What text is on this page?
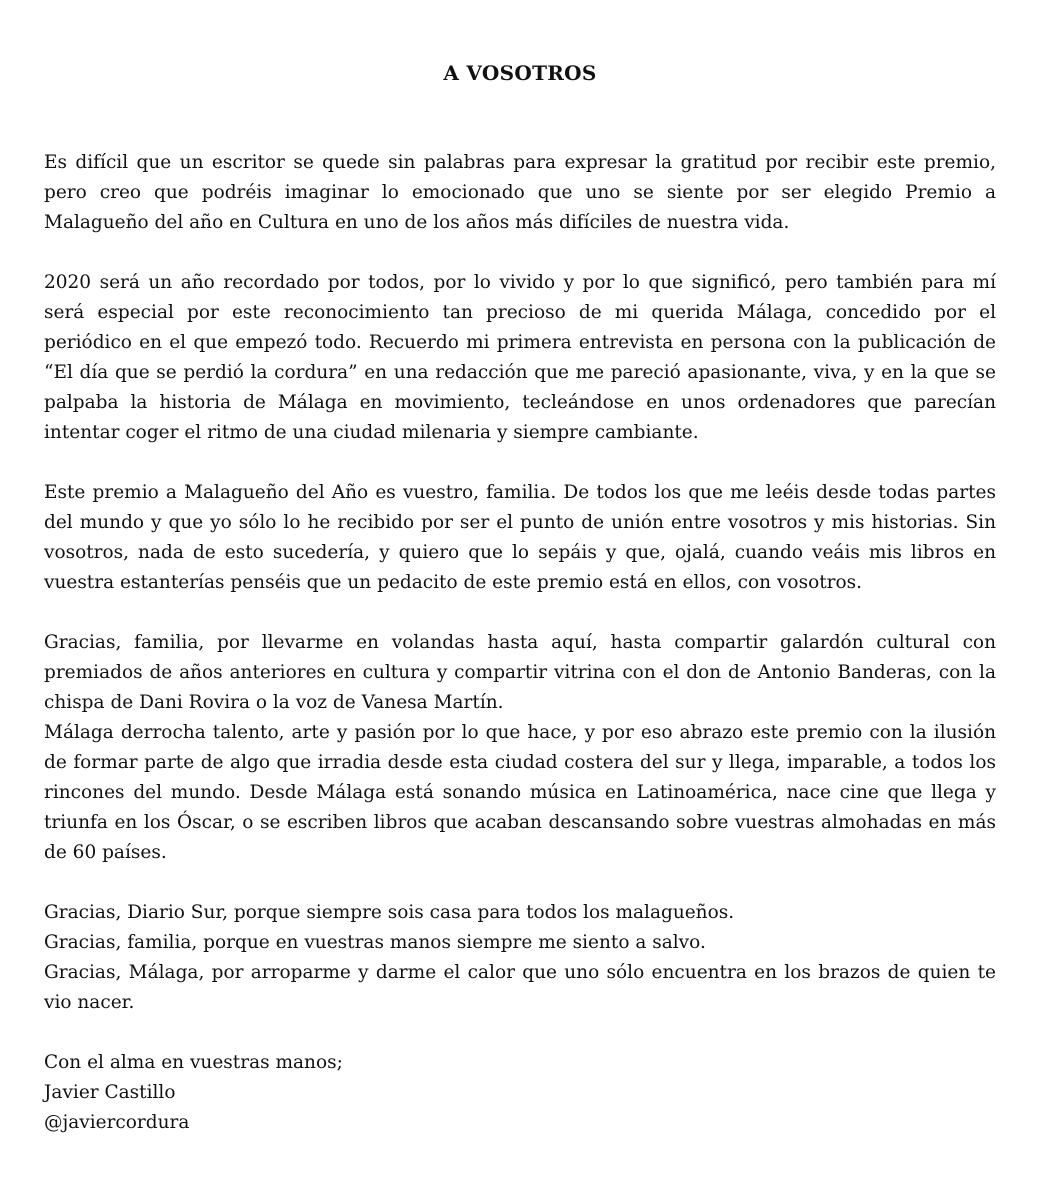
A VOSOTROS
Es difícil que un escritor se quede sin palabras para expresar la gratitud por recibir este premio,
pero creo que podréis imaginar lo emocionado que uno se siente por ser elegido Premio a
Malagueño del año en Cultura en uno de los años más difíciles de nuestra vida.
2020 será un año recordado por todos, por lo vivido y por lo que significó, pero también para mí
será especial por este reconocimiento tan precioso de mi querida Málaga, concedido por el
periódico en el que empezó todo. Recuerdo mi primera entrevista en persona con la publicación de
“El día que se perdió la cordura” en una redacción que me pareció apasionante, viva, y en la que se
palpaba la historia de Málaga en movimiento, tecleándose en unos ordenadores que parecían
intentar coger el ritmo de una ciudad milenaria y siempre cambiante.
Este premio a Malagueño del Año es vuestro, familia. De todos los que me leéis desde todas partes
del mundo y que yo sólo lo he recibido por ser el punto de unión entre vosotros y mis historias. Sin
vosotros, nada de esto sucedería, y quiero que lo sepáis y que, ojalá, cuando veáis mis libros en
vuestra estanterías penséis que un pedacito de este premio está en ellos, con vosotros.
Gracias, familia, por llevarme en volandas hasta aquí, hasta compartir galardón cultural con
premiados de años anteriores en cultura y compartir vitrina con el don de Antonio Banderas, con la
chispa de Dani Rovira o la voz de Vanesa Martín.
Málaga derrocha talento, arte y pasión por lo que hace, y por eso abrazo este premio con la ilusión
de formar parte de algo que irradia desde esta ciudad costera del sur y llega, imparable, a todos los
rincones del mundo. Desde Málaga está sonando música en Latinoamérica, nace cine que llega y
triunfa en los Óscar, o se escriben libros que acaban descansando sobre vuestras almohadas en más
de 60 países.
Gracias, Diario Sur, porque siempre sois casa para todos los malagueños.
Gracias, familia, porque en vuestras manos siempre me siento a salvo.
Gracias, Málaga, por arroparme y darme el calor que uno sólo encuentra en los brazos de quien te
vio nacer.
Con el alma en vuestras manos;
Javier Castillo
@javiercordura
